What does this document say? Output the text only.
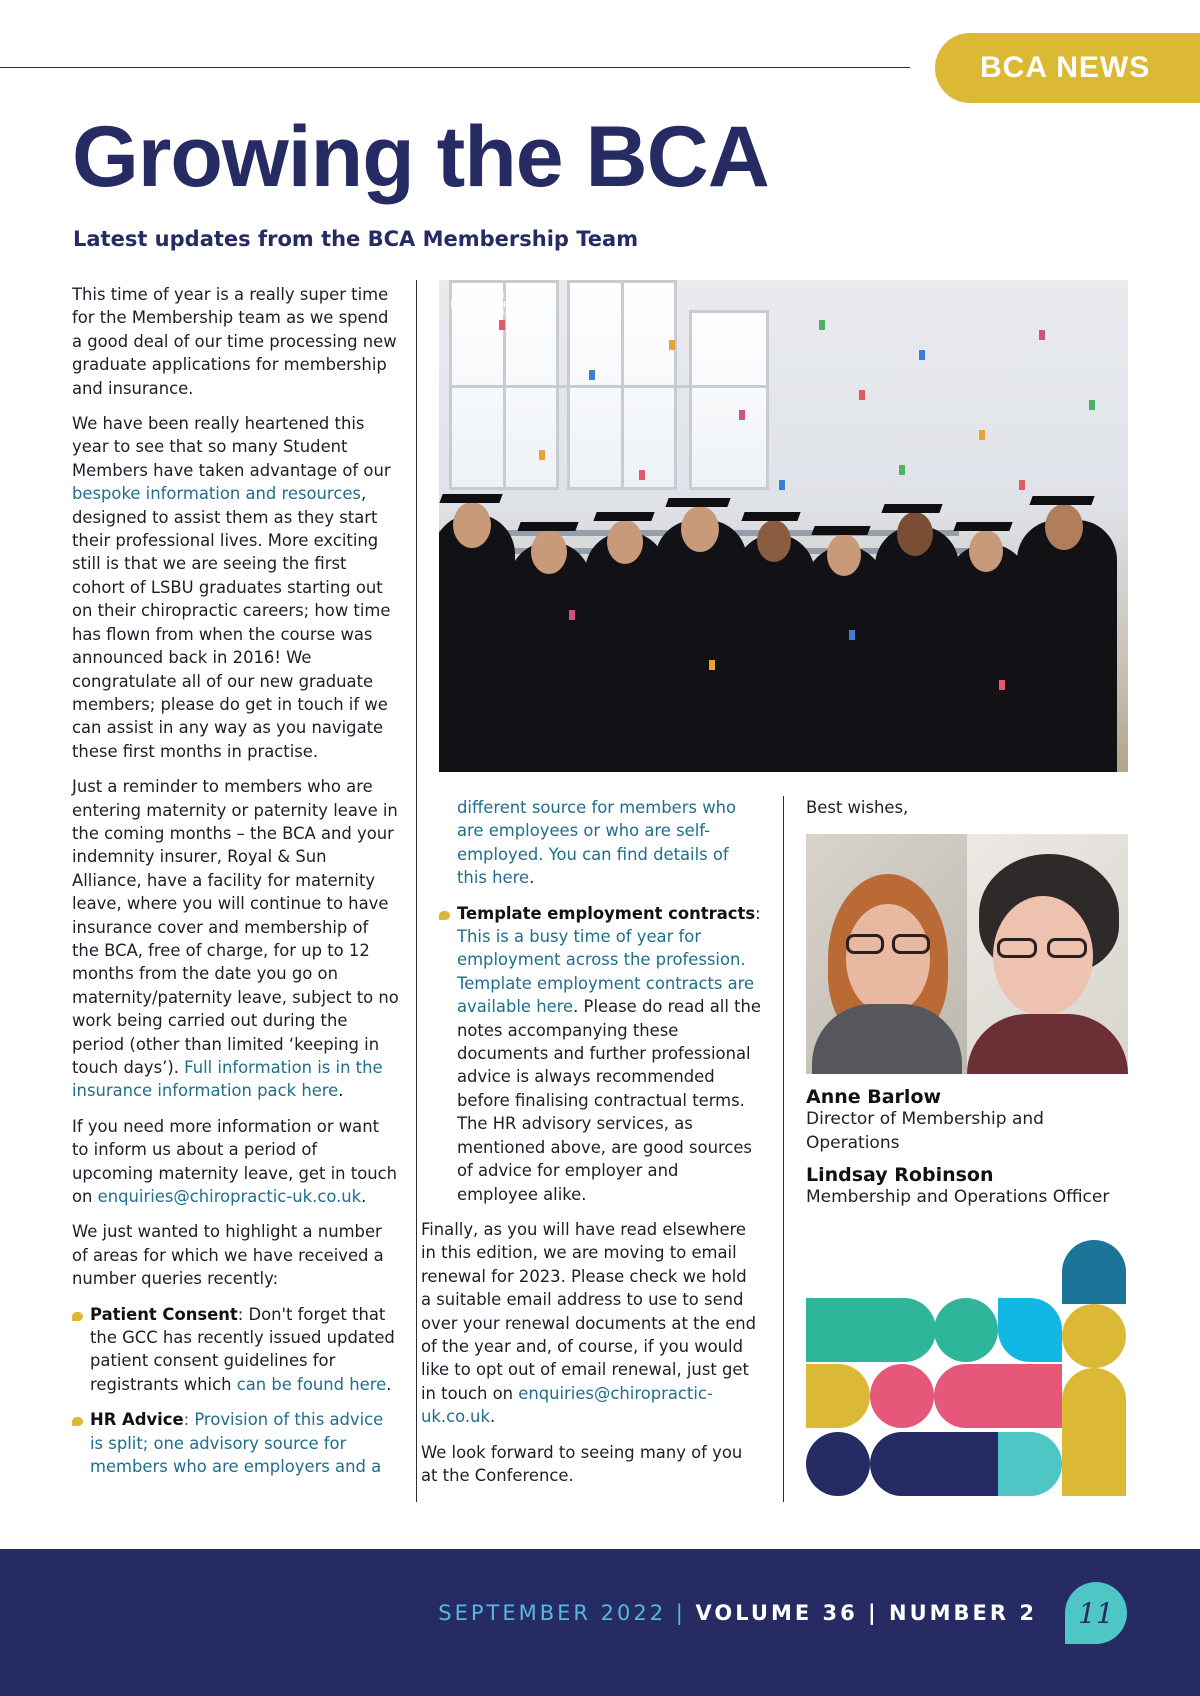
BCA NEWS
Growing the BCA
Latest updates from the BCA Membership Team

This time of year is a really super time for the Membership team as we spend a good deal of our time processing new graduate applications for membership and insurance.

We have been really heartened this year to see that so many Student Members have taken advantage of our bespoke information and resources, designed to assist them as they start their professional lives. More exciting still is that we are seeing the first cohort of LSBU graduates starting out on their chiropractic careers; how time has flown from when the course was announced back in 2016! We congratulate all of our new graduate members; please do get in touch if we can assist in any way as you navigate these first months in practise.

Just a reminder to members who are entering maternity or paternity leave in the coming months – the BCA and your indemnity insurer, Royal & Sun Alliance, have a facility for maternity leave, where you will continue to have insurance cover and membership of the BCA, free of charge, for up to 12 months from the date you go on maternity/paternity leave, subject to no work being carried out during the period (other than limited ‘keeping in touch days’). Full information is in the insurance information pack here.

If you need more information or want to inform us about a period of upcoming maternity leave, get in touch on enquiries@chiropractic-uk.co.uk.

We just wanted to highlight a number of areas for which we have received a number queries recently:

Patient Consent: Don't forget that the GCC has recently issued updated patient consent guidelines for registrants which can be found here.
HR Advice: Provision of this advice is split; one advisory source for members who are employers and a
British
Chiropractic
Association
different source for members who are employees or who are self-employed. You can find details of this here.
Template employment contracts: This is a busy time of year for employment across the profession. Template employment contracts are available here. Please do read all the notes accompanying these documents and further professional advice is always recommended before finalising contractual terms. The HR advisory services, as mentioned above, are good sources of advice for employer and employee alike.

Finally, as you will have read elsewhere in this edition, we are moving to email renewal for 2023. Please check we hold a suitable email address to use to send over your renewal documents at the end of the year and, of course, if you would like to opt out of email renewal, just get in touch on enquiries@chiropractic-uk.co.uk.

We look forward to seeing many of you at the Conference.

Best wishes,

Anne Barlow
Director of Membership and Operations
Lindsay Robinson
Membership and Operations Officer
SEPTEMBER 2022 | VOLUME 36 | NUMBER 2	11
